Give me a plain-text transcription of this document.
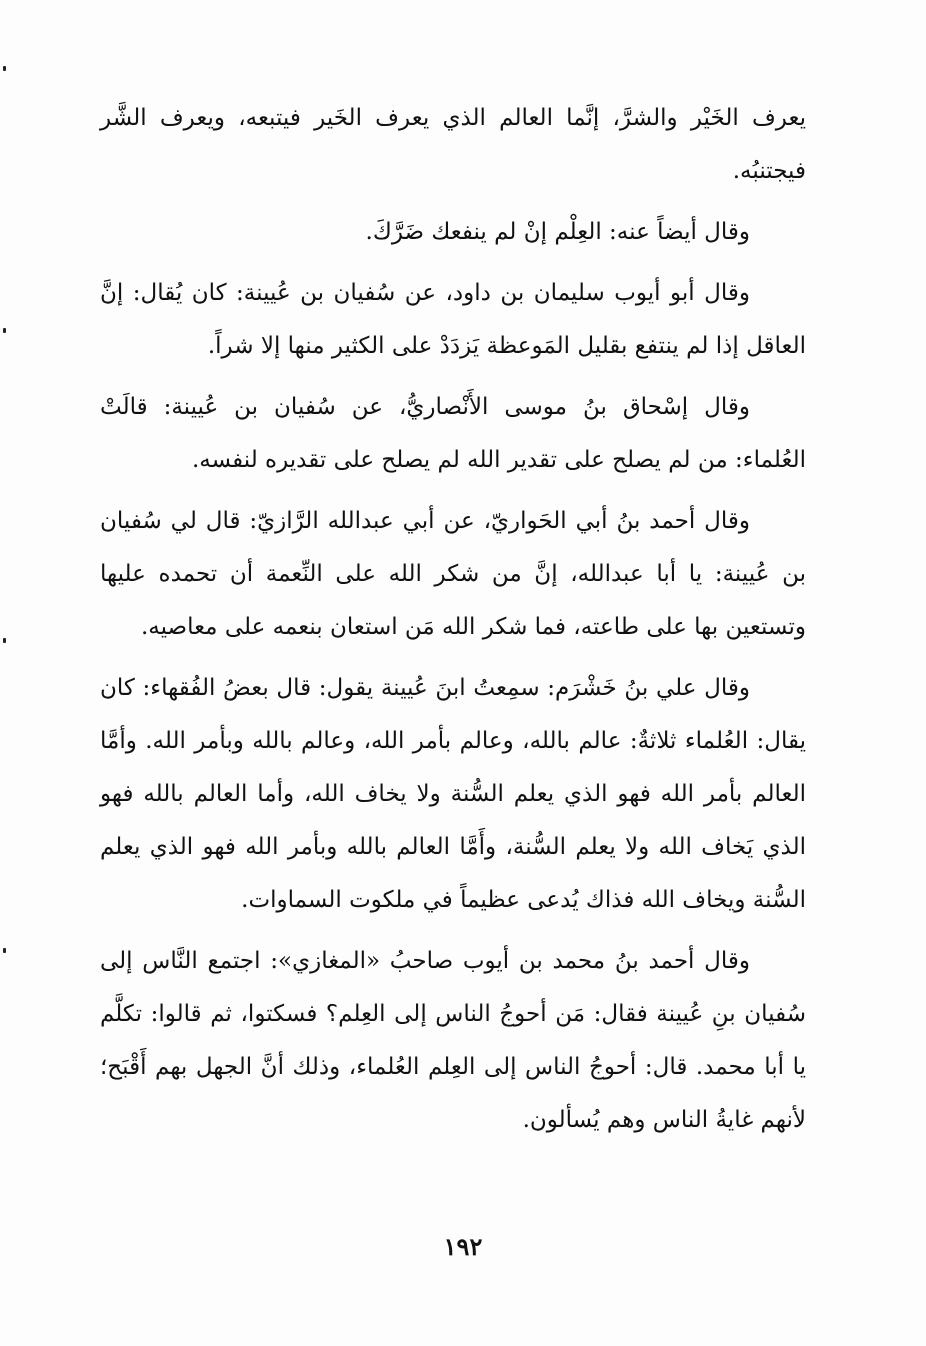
يعرف الخَيْر والشرَّ، إنَّما العالم الذي يعرف الخَير فيتبعه، ويعرف الشَّر فيجتنبُه.

وقال أيضاً عنه: العِلْم إنْ لم ينفعك ضَرَّكَ.

وقال أبو أيوب سليمان بن داود، عن سُفيان بن عُيينة: كان يُقال: إنَّ العاقل إذا لم ينتفع بقليل المَوعظة يَزدَدْ على الكثير منها إلا شراً.

وقال إسْحاق بنُ موسى الأَنْصاريُّ، عن سُفيان بن عُيينة: قالَتْ العُلماء: من لم يصلح على تقدير الله لم يصلح على تقديره لنفسه.

وقال أحمد بنُ أبي الحَواريّ، عن أبي عبدالله الرَّازيّ: قال لي سُفيان بن عُيينة: يا أبا عبدالله، إنَّ من شكر الله على النِّعمة أن تحمده عليها وتستعين بها على طاعته، فما شكر الله مَن استعان بنعمه على معاصيه.

وقال علي بنُ خَشْرَم: سمِعتُ ابنَ عُيينة يقول: قال بعضُ الفُقهاء: كان يقال: العُلماء ثلاثةٌ: عالم بالله، وعالم بأمر الله، وعالم بالله وبأمر الله. وأمَّا العالم بأمر الله فهو الذي يعلم السُّنة ولا يخاف الله، وأما العالم بالله فهو الذي يَخاف الله ولا يعلم السُّنة، وأَمَّا العالم بالله وبأمر الله فهو الذي يعلم السُّنة ويخاف الله فذاك يُدعى عظيماً في ملكوت السماوات.

وقال أحمد بنُ محمد بن أيوب صاحبُ «المغازي»: اجتمع النَّاس إلى سُفيان بنِ عُيينة فقال: مَن أحوجُ الناس إلى العِلم؟ فسكتوا، ثم قالوا: تكلَّم يا أبا محمد. قال: أحوجُ الناس إلى العِلم العُلماء، وذلك أنَّ الجهل بهم أَقْبَح؛ لأنهم غايةُ الناس وهم يُسألون.

١٩٢
